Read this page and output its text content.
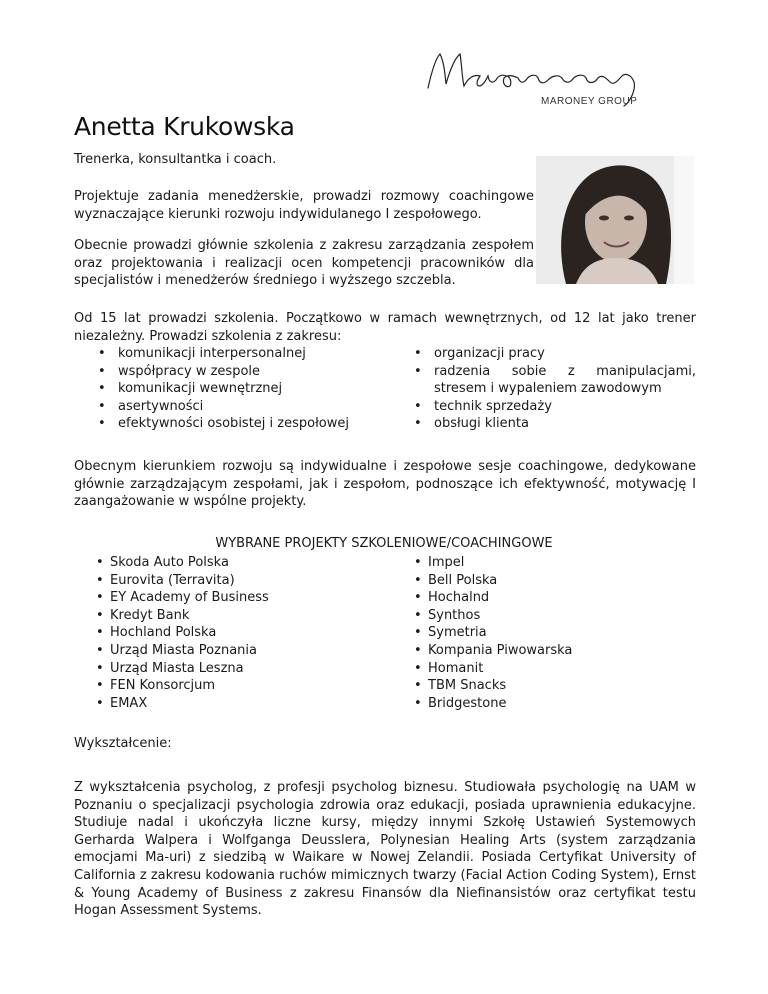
MARONEY GROUP
Anetta Krukowska
Trenerka, konsultantka i coach.
Projektuje zadania menedżerskie, prowadzi rozmowy coachingowe wyznaczające kierunki rozwoju indywidulanego I zespołowego.
Obecnie prowadzi głównie szkolenia z zakresu zarządzania zespołem oraz projektowania i realizacji ocen kompetencji pracowników dla specjalistów i menedżerów średniego i wyższego szczebla.
Od 15 lat prowadzi szkolenia. Początkowo w ramach wewnętrznych, od 12 lat jako trener niezależny. Prowadzi szkolenia z zakresu:
• komunikacji interpersonalnej
• współpracy w zespole
• komunikacji wewnętrznej
• asertywności
• efektywności osobistej i zespołowej
• organizacji pracy
• radzenia sobie z manipulacjami, stresem i wypaleniem zawodowym
• technik sprzedaży
• obsługi klienta
Obecnym kierunkiem rozwoju są indywidualne i zespołowe sesje coachingowe, dedykowane głównie zarządzającym zespołami, jak i zespołom, podnoszące ich efektywność, motywację I zaangażowanie w wspólne projekty.
WYBRANE PROJEKTY SZKOLENIOWE/COACHINGOWE
• Skoda Auto Polska
• Eurovita (Terravita)
• EY Academy of Business
• Kredyt Bank
• Hochland Polska
• Urząd Miasta Poznania
• Urząd Miasta Leszna
• FEN Konsorcjum
• EMAX
• Impel
• Bell Polska
• Hochalnd
• Synthos
• Symetria
• Kompania Piwowarska
• Homanit
• TBM Snacks
• Bridgestone
Wykształcenie:
Z wykształcenia psycholog, z profesji psycholog biznesu. Studiowała psychologię na UAM w Poznaniu o specjalizacji psychologia zdrowia oraz edukacji, posiada uprawnienia edukacyjne. Studiuje nadal i ukończyła liczne kursy, między innymi Szkołę Ustawień Systemowych Gerharda Walpera i Wolfganga Deusslera, Polynesian Healing Arts (system zarządzania emocjami Ma-uri) z siedzibą w Waikare w Nowej Zelandii. Posiada Certyfikat University of California z zakresu kodowania ruchów mimicznych twarzy (Facial Action Coding System), Ernst & Young Academy of Business z zakresu Finansów dla Niefinansistów oraz certyfikat testu Hogan Assessment Systems.
